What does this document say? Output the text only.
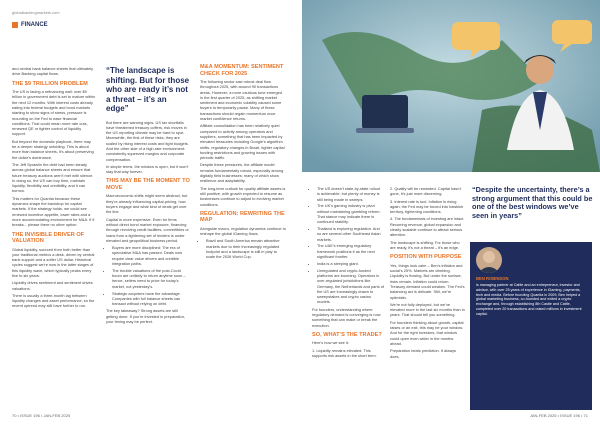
globalbankingmarkets.com
FINANCE

and central bank balance sheets that ultimately drive Banking capital flows.

THE $9 TRILLION PROBLEM

The US is facing a refinancing wall: over $9 trillion in government debt is set to mature within the next 12 months. With interest costs already eating into federal budgets and bond markets starting to show signs of stress, pressure is mounting on the Fed to ease financial conditions. That could mean more rate cuts, renewed QE or tighter control of liquidity support.

But beyond the domestic playbook, there may be a deeper strategy unfolding. This is about more than balance sheets, it’s about preserving the dollar’s dominance.

The Jeff Sprawlin the debt had been steady across global balance sheets and ensure that future treasury auctions aren’t met with silence. In doing so, the US can buy time, maintain liquidity, flexibility and credibility, and it can borrow.

This matters for Quantia because these dynamics shape the backdrop for capital markets. If the strategy holds, we could see renewed incentive appetite, lower rates and a more accommodating environment for M&A. If it breaks... please there no other option.

THE INVISIBLE DRIVER OF VALUATION

Global liquidity, sourced from both better than your traditional metrics a desk, driven by central bank support and a softer US dollar. Historical cycles suggest we’re now in the latter stages of this liquidity wave, which typically peaks every five to six years.

Liquidity drives sentiment and sentiment drives valuations.

There is usually a three-month lag between liquidity changes and asset performance, so the recent uptrend may still have further to run.

“The landscape is shifting. But for those who are ready it’s not a threat – it’s an edge”

But there are warning signs. US tax shortfalls have threatened treasury coffers, risk moves in the US reporting climate may be hard to spot. Meanwhile, the first of these risks, they are scaled by rising interest costs and tight budgets. And the other side of a high-rate environment: consistently squeezed margins and corporate compensation.

In simple terms, the window is open, but it won’t stay that way forever.

THIS MAY BE THE MOMENT TO MOVE

Macroeconomic shifts might seem abstract, but they’re already influencing capital-pricing, how buyers engage and what kind of deals get over the line.

Capital is more expensive. Even for firms without direct bond market exposure, financing through revolving credit facilities, convertibles or loans from a tightening set of lenders is under elevated and geopolitical business period.

• Buyers are more disciplined: The era of speculative M&A has passed. Deals now require clear value drivers and credible integration paths.
• The trouble valuations of the post-Covid boom are unlikely to return anytime soon – hence, sellers need to price for today’s market, not yesterday’s.
• Strategic acquirers have the advantage. Companies with full balance sheets can transact without relying on debt.

The key takeaway? Strong assets are still getting done. If you’re invested in preparation, your timing may be perfect.

M&A MOMENTUM: SENTIMENT CHECK FOR 2025

The following sector saw robust deal flow throughout 2025, with around 90 transactions areas. However, a more cautious tone emerged in the first quarter of 2025, as shifting market sentiment and economic volatility caused some buyers to temporarily pause. Many of these transactions should regain momentum once market confidence returns.

Affiliate consolidation has been relatively quiet compared to activity among operators and suppliers, something that has been impacted by elevated treasuries including Google’s algorithm shifts, regulatory changes in Brazil, tighter capital funding restrictions and growing issues with periodic traffic.

Despite these pressures, the affiliate model remains fundamentally robust, especially among digitally field businesses; many of which show resilience and adaptability.

The long-term outlook for quality affiliate assets is still positive, with growth expected to resume as businesses continue to adjust to evolving market conditions.

REGULATION: REWRITING THE MAP

Alongside macro, regulation dynamics continue to reshape the global iGaming flows.

• Brazil and South America remain attractive markets due to their increasingly regulated footprint and a landscape is still in play to scale the 2026 World Cup.
70 • ISSUE 196 • JAN-FEB 2025	JAN-FEB 2025 • ISSUE 196 • 71
• The US doesn’t state-by-state rollout is achievable, but plenty of money is still being made in sweeps.
• The UK’s gaming industry is pivot without maintaining gambling reform. That stance may indicate there is continued stability.
• Thailand is exploring regulation. And so are several other Southeast Asian markets.
• The UAE’s emerging regulatory framework positions it as the next significant frontier.
• India is a sleeping giant.
• Unregulated and crypto-funded platforms are booming. Operators in over-regulated jurisdictions like Germany, the Netherlands and parts of the US are increasingly drawn to sweepstakes and crypto casino models.

For founders, understanding where regulatory demand is converging is now something that can make or break the execution.

SO, WHAT’S THE TRADE?

Here’s how we see it:

1. Liquidity remains elevated. This supports risk assets in the short term.

2. Quality will be rewarded. Capital hasn’t gone, it’s just more discerning.

3. Interest rate is tool. Inflation is rising again: the Fed may be forced into hawkish territory, tightening conditions.

4. The fundamentals of investing are intact. Recurring revenue, global expansion and clearly scalable continue to attract serious attention.

The landscape is shifting. For those who are ready, it’s not a threat – it’s an edge.

POSITION WITH PURPOSE

Yes, things look calm – Ben’s inflation and social’s 25%. Markets are climbing. Liquidity is flowing. But under the surface, risks remain. Inflation could return. Treasury demand could weaken. The Fed’s balancing act is delicate. Still, we’re optimistic.

We’re not fully deployed, but we’ve elevated more in the last six months than in years. That should tell you something.

For founders thinking about growth, capital raises or an exit, this may be your window. And for the right investors, that window could open even wider in the months ahead.

Preparation beats prediction. It always does.

“Despite the uncertainty, there’s a strong argument that this could be one of the best windows we’ve seen in years”
BEN ROBINSON
is managing partner at Cattle and an entrepreneur, investor and advisor, with over 25 years of experience in iGaming, payments, tech and media. Before founding Quantia in 2009, Ben helped a global marketing business, co-founded and exited a crypto exchange and, through establishing 8th Castle and Cattle, completed over 20 transactions and raised millions in investment capital.
